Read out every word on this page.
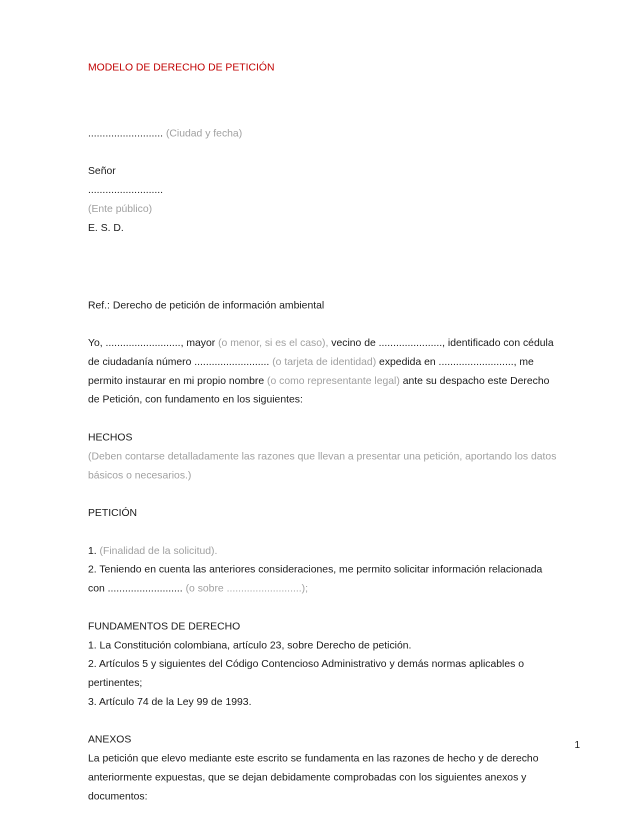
MODELO DE DERECHO DE PETICIÓN

.......................... (Ciudad y fecha)

Señor

..........................

(Ente público)

E. S. D.

Ref.: Derecho de petición de información ambiental

Yo, .........................., mayor (o menor, si es el caso), vecino de ......................, identificado con cédula de ciudadanía número .......................... (o tarjeta de identidad) expedida en .........................., me permito instaurar en mi propio nombre (o como representante legal) ante su despacho este Derecho de Petición, con fundamento en los siguientes:

HECHOS

(Deben contarse detalladamente las razones que llevan a presentar una petición, aportando los datos básicos o necesarios.)

PETICIÓN

1. (Finalidad de la solicitud).

2. Teniendo en cuenta las anteriores consideraciones, me permito solicitar información relacionada con .......................... (o sobre ..........................);

FUNDAMENTOS DE DERECHO

1. La Constitución colombiana, artículo 23, sobre Derecho de petición.

2. Artículos 5 y siguientes del Código Contencioso Administrativo y demás normas aplicables o pertinentes;

3. Artículo 74 de la Ley 99 de 1993.

ANEXOS

La petición que elevo mediante este escrito se fundamenta en las razones de hecho y de derecho anteriormente expuestas, que se dejan debidamente comprobadas con los siguientes anexos y documentos:

1
